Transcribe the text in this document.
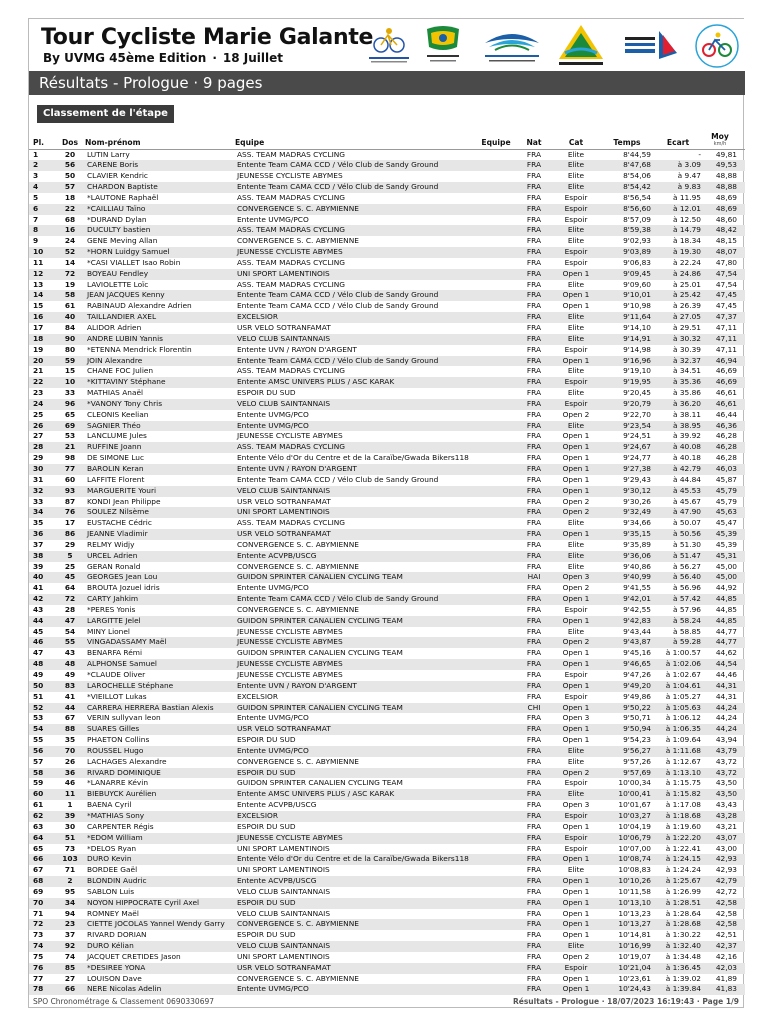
Tour Cycliste Marie Galante
By UVMG 45ème Edition · 18 Juillet
Résultats - Prologue · 9 pages
Classement de l'étape
Pl.	Dos	Nom-prénom	Equipe	Equipe	Nat	Cat	Temps	Ecart	Moy
km/h

1	20	LUTIN Larry	ASS. TEAM MADRAS CYCLING		FRA	Elite	8'44,59	-	49,81
2	56	CARENE Boris	Entente Team CAMA CCD / Vélo Club de Sandy Ground		FRA	Elite	8'47,68	à 3.09	49,53
3	50	CLAVIER Kendric	JEUNESSE CYCLISTE ABYMES		FRA	Elite	8'54,06	à 9.47	48,88
4	57	CHARDON Baptiste	Entente Team CAMA CCD / Vélo Club de Sandy Ground		FRA	Elite	8'54,42	à 9.83	48,88
5	18	*LAUTONE Raphaël	ASS. TEAM MADRAS CYCLING		FRA	Espoir	8'56,54	à 11.95	48,69
6	22	*CAILLIAU Taïno	CONVERGENCE S. C. ABYMIENNE		FRA	Espoir	8'56,60	à 12.01	48,69
7	68	*DURAND Dylan	Entente UVMG/PCO		FRA	Espoir	8'57,09	à 12.50	48,60
8	16	DUCULTY bastien	ASS. TEAM MADRAS CYCLING		FRA	Elite	8'59,38	à 14.79	48,42
9	24	GENE Meving Allan	CONVERGENCE S. C. ABYMIENNE		FRA	Elite	9'02,93	à 18.34	48,15
10	52	*HORN Luidgy Samuel	JEUNESSE CYCLISTE ABYMES		FRA	Espoir	9'03,89	à 19.30	48,07
11	14	*CASI VIALLET Isao Robin	ASS. TEAM MADRAS CYCLING		FRA	Espoir	9'06,83	à 22.24	47,80
12	72	BOYEAU Fendley	UNI SPORT LAMENTINOIS		FRA	Open 1	9'09,45	à 24.86	47,54
13	19	LAVIOLETTE Loïc	ASS. TEAM MADRAS CYCLING		FRA	Elite	9'09,60	à 25.01	47,54
14	58	JEAN JACQUES Kenny	Entente Team CAMA CCD / Vélo Club de Sandy Ground		FRA	Open 1	9'10,01	à 25.42	47,45
15	61	RABINAUD Alexandre Adrien	Entente Team CAMA CCD / Vélo Club de Sandy Ground		FRA	Open 1	9'10,98	à 26.39	47,45
16	40	TAILLANDIER AXEL	EXCELSIOR		FRA	Elite	9'11,64	à 27.05	47,37
17	84	ALIDOR Adrien	USR VELO SOTRANFAMAT		FRA	Elite	9'14,10	à 29.51	47,11
18	90	ANDRE LUBIN Yannis	VELO CLUB SAINTANNAIS		FRA	Elite	9'14,91	à 30.32	47,11
19	80	*ETENNA Mendrick Florentin	Entente UVN / RAYON D'ARGENT		FRA	Espoir	9'14,98	à 30.39	47,11
20	59	JOIN Alexandre	Entente Team CAMA CCD / Vélo Club de Sandy Ground		FRA	Open 1	9'16,96	à 32.37	46,94
21	15	CHANE FOC Julien	ASS. TEAM MADRAS CYCLING		FRA	Elite	9'19,10	à 34.51	46,69
22	10	*KITTAVINY Stéphane	Entente AMSC UNIVERS PLUS / ASC KARAK		FRA	Espoir	9'19,95	à 35.36	46,69
23	33	MATHIAS Anaël	ESPOIR DU SUD		FRA	Elite	9'20,45	à 35.86	46,61
24	96	*VANONY Tony Chris	VELO CLUB SAINTANNAIS		FRA	Espoir	9'20,79	à 36.20	46,61
25	65	CLEONIS Keelian	Entente UVMG/PCO		FRA	Open 2	9'22,70	à 38.11	46,44
26	69	SAGNIER Théo	Entente UVMG/PCO		FRA	Elite	9'23,54	à 38.95	46,36
27	53	LANCLUME Jules	JEUNESSE CYCLISTE ABYMES		FRA	Open 1	9'24,51	à 39.92	46,28
28	21	RUFFINE Joann	ASS. TEAM MADRAS CYCLING		FRA	Open 1	9'24,67	à 40.08	46,28
29	98	DE SIMONE Luc	Entente Vélo d'Or du Centre et de la Caraïbe/Gwada Bikers118		FRA	Open 1	9'24,77	à 40.18	46,28
30	77	BAROLIN Keran	Entente UVN / RAYON D'ARGENT		FRA	Open 1	9'27,38	à 42.79	46,03
31	60	LAFFITE Florent	Entente Team CAMA CCD / Vélo Club de Sandy Ground		FRA	Open 1	9'29,43	à 44.84	45,87
32	93	MARGUERITE Youri	VELO CLUB SAINTANNAIS		FRA	Open 1	9'30,12	à 45.53	45,79
33	87	KONDI Jean Philippe	USR VELO SOTRANFAMAT		FRA	Open 2	9'30,26	à 45.67	45,79
34	76	SOULEZ Nilsème	UNI SPORT LAMENTINOIS		FRA	Open 2	9'32,49	à 47.90	45,63
35	17	EUSTACHE Cédric	ASS. TEAM MADRAS CYCLING		FRA	Elite	9'34,66	à 50.07	45,47
36	86	JEANNE Vladimir	USR VELO SOTRANFAMAT		FRA	Open 1	9'35,15	à 50.56	45,39
37	29	RELMY Widjy	CONVERGENCE S. C. ABYMIENNE		FRA	Elite	9'35,89	à 51.30	45,39
38	5	URCEL Adrien	Entente ACVPB/USCG		FRA	Elite	9'36,06	à 51.47	45,31
39	25	GERAN Ronald	CONVERGENCE S. C. ABYMIENNE		FRA	Elite	9'40,86	à 56.27	45,00
40	45	GEORGES Jean Lou	GUIDON SPRINTER CANALIEN CYCLING TEAM		HAI	Open 3	9'40,99	à 56.40	45,00
41	64	BROUTA Jozuel idris	Entente UVMG/PCO		FRA	Open 2	9'41,55	à 56.96	44,92
42	72	CARTY Jahkim	Entente Team CAMA CCD / Vélo Club de Sandy Ground		FRA	Open 1	9'42,01	à 57.42	44,85
43	28	*PERES Yonis	CONVERGENCE S. C. ABYMIENNE		FRA	Espoir	9'42,55	à 57.96	44,85
44	47	LARGITTE Jelel	GUIDON SPRINTER CANALIEN CYCLING TEAM		FRA	Open 1	9'42,83	à 58.24	44,85
45	54	MINY Lionel	JEUNESSE CYCLISTE ABYMES		FRA	Elite	9'43,44	à 58.85	44,77
46	55	VINGADASSAMY Maël	JEUNESSE CYCLISTE ABYMES		FRA	Open 2	9'43,87	à 59.28	44,77
47	43	BENARFA Rémi	GUIDON SPRINTER CANALIEN CYCLING TEAM		FRA	Open 1	9'45,16	à 1:00.57	44,62
48	48	ALPHONSE Samuel	JEUNESSE CYCLISTE ABYMES		FRA	Open 1	9'46,65	à 1:02.06	44,54
49	49	*CLAUDE Oliver	JEUNESSE CYCLISTE ABYMES		FRA	Espoir	9'47,26	à 1:02.67	44,46
50	83	LAROCHELLE Stéphane	Entente UVN / RAYON D'ARGENT		FRA	Open 1	9'49,20	à 1:04.61	44,31
51	41	*VIEILLOT Lukas	EXCELSIOR		FRA	Espoir	9'49,86	à 1:05.27	44,31
52	44	CARRERA HERRERA Bastian Alexis	GUIDON SPRINTER CANALIEN CYCLING TEAM		CHI	Open 1	9'50,22	à 1:05.63	44,24
53	67	VERIN sullyvan leon	Entente UVMG/PCO		FRA	Open 3	9'50,71	à 1:06.12	44,24
54	88	SUARES Gilles	USR VELO SOTRANFAMAT		FRA	Open 1	9'50,94	à 1:06.35	44,24
55	35	PHAETON Collins	ESPOIR DU SUD		FRA	Open 1	9'54,23	à 1:09.64	43,94
56	70	ROUSSEL Hugo	Entente UVMG/PCO		FRA	Elite	9'56,27	à 1:11.68	43,79
57	26	LACHAGES Alexandre	CONVERGENCE S. C. ABYMIENNE		FRA	Elite	9'57,26	à 1:12.67	43,72
58	36	RIVARD DOMINIQUE	ESPOIR DU SUD		FRA	Open 2	9'57,69	à 1:13.10	43,72
59	46	*LANARRE Kévin	GUIDON SPRINTER CANALIEN CYCLING TEAM		FRA	Espoir	10'00,34	à 1:15.75	43,50
60	11	BIEBUYCK Aurélien	Entente AMSC UNIVERS PLUS / ASC KARAK		FRA	Elite	10'00,41	à 1:15.82	43,50
61	1	BAENA Cyril	Entente ACVPB/USCG		FRA	Open 3	10'01,67	à 1:17.08	43,43
62	39	*MATHIAS Sony	EXCELSIOR		FRA	Espoir	10'03,27	à 1:18.68	43,28
63	30	CARPENTER Régis	ESPOIR DU SUD		FRA	Open 1	10'04,19	à 1:19.60	43,21
64	51	*EDOM William	JEUNESSE CYCLISTE ABYMES		FRA	Espoir	10'06,79	à 1:22.20	43,07
65	73	*DELOS Ryan	UNI SPORT LAMENTINOIS		FRA	Espoir	10'07,00	à 1:22.41	43,00
66	103	DURO Kevin	Entente Vélo d'Or du Centre et de la Caraïbe/Gwada Bikers118		FRA	Open 1	10'08,74	à 1:24.15	42,93
67	71	BORDEE Gaël	UNI SPORT LAMENTINOIS		FRA	Elite	10'08,83	à 1:24.24	42,93
68	2	BLONDIN Audric	Entente ACVPB/USCG		FRA	Open 1	10'10,26	à 1:25.67	42,79
69	95	SABLON Luis	VELO CLUB SAINTANNAIS		FRA	Open 1	10'11,58	à 1:26.99	42,72
70	34	NOYON HIPPOCRATE Cyril Axel	ESPOIR DU SUD		FRA	Open 1	10'13,10	à 1:28.51	42,58
71	94	ROMNEY Maël	VELO CLUB SAINTANNAIS		FRA	Open 1	10'13,23	à 1:28.64	42,58
72	23	CIETTE JOCOLAS Yannel Wendy Garry	CONVERGENCE S. C. ABYMIENNE		FRA	Open 1	10'13,27	à 1:28.68	42,58
73	37	RIVARD DORIAN	ESPOIR DU SUD		FRA	Open 1	10'14,81	à 1:30.22	42,51
74	92	DURO Kélian	VELO CLUB SAINTANNAIS		FRA	Elite	10'16,99	à 1:32.40	42,37
75	74	JACQUET CRETIDES Jason	UNI SPORT LAMENTINOIS		FRA	Open 2	10'19,07	à 1:34.48	42,16
76	85	*DESIREE YONA	USR VELO SOTRANFAMAT		FRA	Espoir	10'21,04	à 1:36.45	42,03
77	27	LOUISON Dave	CONVERGENCE S. C. ABYMIENNE		FRA	Open 1	10'23,61	à 1:39.02	41,89
78	66	NERE Nicolas Adelin	Entente UVMG/PCO		FRA	Open 1	10'24,43	à 1:39.84	41,83
SPO Chronométrage & Classement 0690330697	Résultats - Prologue · 18/07/2023 16:19:43 · Page 1/9
